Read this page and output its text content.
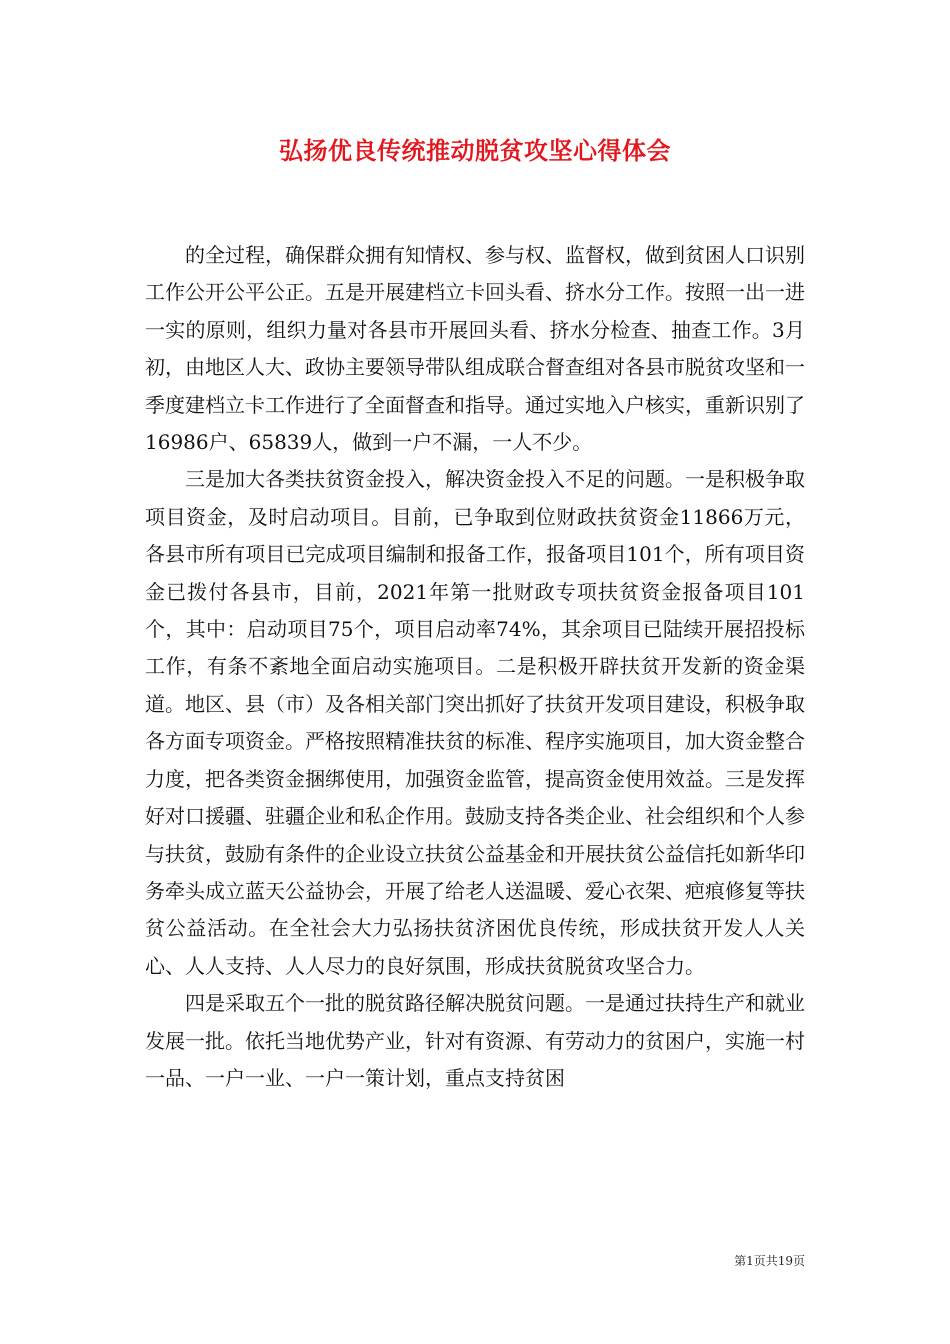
弘扬优良传统推动脱贫攻坚心得体会

的全过程，确保群众拥有知情权、参与权、监督权，做到贫困人口识别工作公开公平公正。五是开展建档立卡回头看、挤水分工作。按照一出一进一实的原则，组织力量对各县市开展回头看、挤水分检查、抽查工作。3月初，由地区人大、政协主要领导带队组成联合督查组对各县市脱贫攻坚和一季度建档立卡工作进行了全面督查和指导。通过实地入户核实，重新识别了16986户、65839人，做到一户不漏，一人不少。

三是加大各类扶贫资金投入，解决资金投入不足的问题。一是积极争取项目资金，及时启动项目。目前，已争取到位财政扶贫资金11866万元，各县市所有项目已完成项目编制和报备工作，报备项目101个，所有项目资金已拨付各县市，目前，2021年第一批财政专项扶贫资金报备项目101个，其中：启动项目75个，项目启动率74%，其余项目已陆续开展招投标工作，有条不紊地全面启动实施项目。二是积极开辟扶贫开发新的资金渠道。地区、县（市）及各相关部门突出抓好了扶贫开发项目建设，积极争取各方面专项资金。严格按照精准扶贫的标准、程序实施项目，加大资金整合力度，把各类资金捆绑使用，加强资金监管，提高资金使用效益。三是发挥好对口援疆、驻疆企业和私企作用。鼓励支持各类企业、社会组织和个人参与扶贫，鼓励有条件的企业设立扶贫公益基金和开展扶贫公益信托如新华印务牵头成立蓝天公益协会，开展了给老人送温暖、爱心衣架、疤痕修复等扶贫公益活动。在全社会大力弘扬扶贫济困优良传统，形成扶贫开发人人关心、人人支持、人人尽力的良好氛围，形成扶贫脱贫攻坚合力。

四是采取五个一批的脱贫路径解决脱贫问题。一是通过扶持生产和就业发展一批。依托当地优势产业，针对有资源、有劳动力的贫困户，实施一村一品、一户一业、一户一策计划，重点支持贫困

第1页共19页
